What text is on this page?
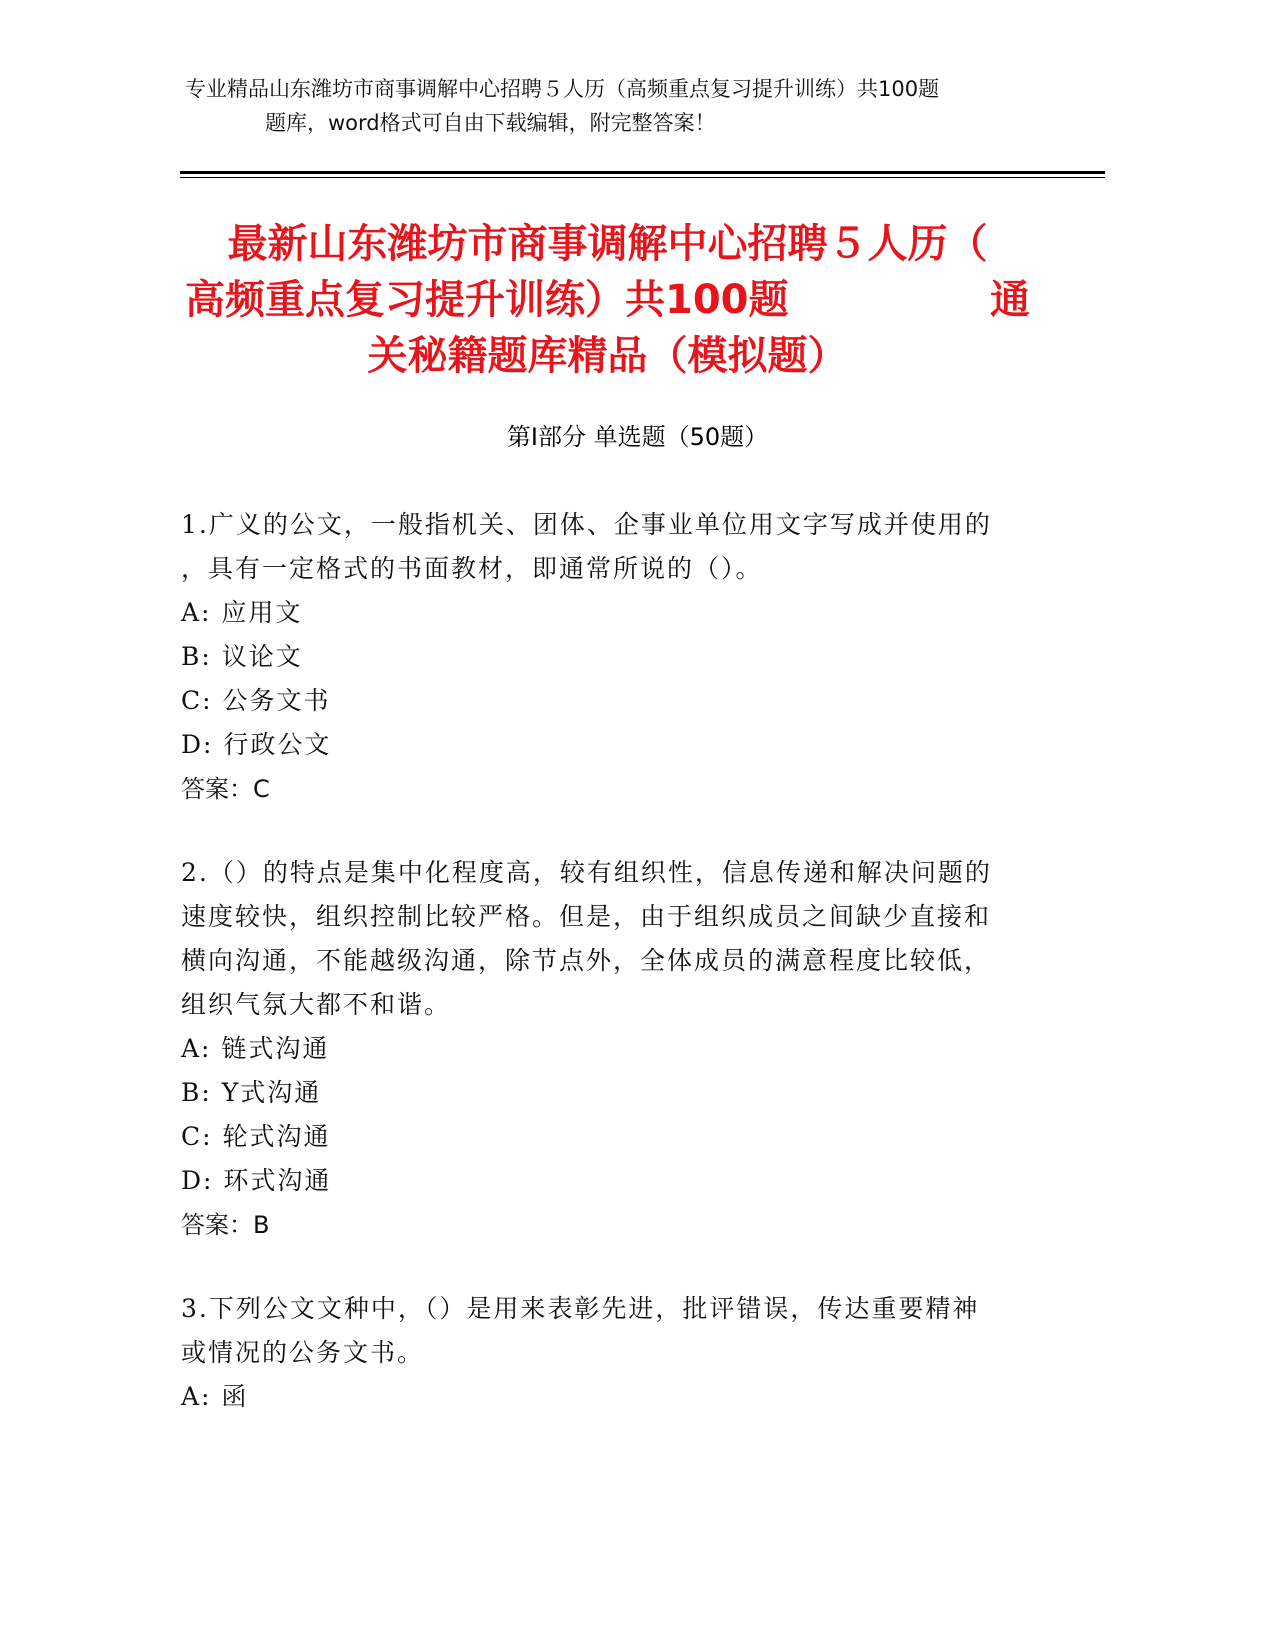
专业精品山东潍坊市商事调解中心招聘５人历（高频重点复习提升训练）共100题
题库，word格式可自由下载编辑，附完整答案！
最新山东潍坊市商事调解中心招聘５人历（
高频重点复习提升训练）共100题	通
关秘籍题库精品（模拟题）
第Ⅰ部分 单选题（50题）
1.广义的公文，一般指机关、团体、企事业单位用文字写成并使用的
，具有一定格式的书面教材，即通常所说的（）。
A: 应用文
B: 议论文
C: 公务文书
D: 行政公文
答案：C
2.（）的特点是集中化程度高，较有组织性，信息传递和解决问题的
速度较快，组织控制比较严格。但是，由于组织成员之间缺少直接和
横向沟通，不能越级沟通，除节点外，全体成员的满意程度比较低，
组织气氛大都不和谐。
A: 链式沟通
B: Y式沟通
C: 轮式沟通
D: 环式沟通
答案：B
3.下列公文文种中，（）是用来表彰先进，批评错误，传达重要精神
或情况的公务文书。
A: 函
